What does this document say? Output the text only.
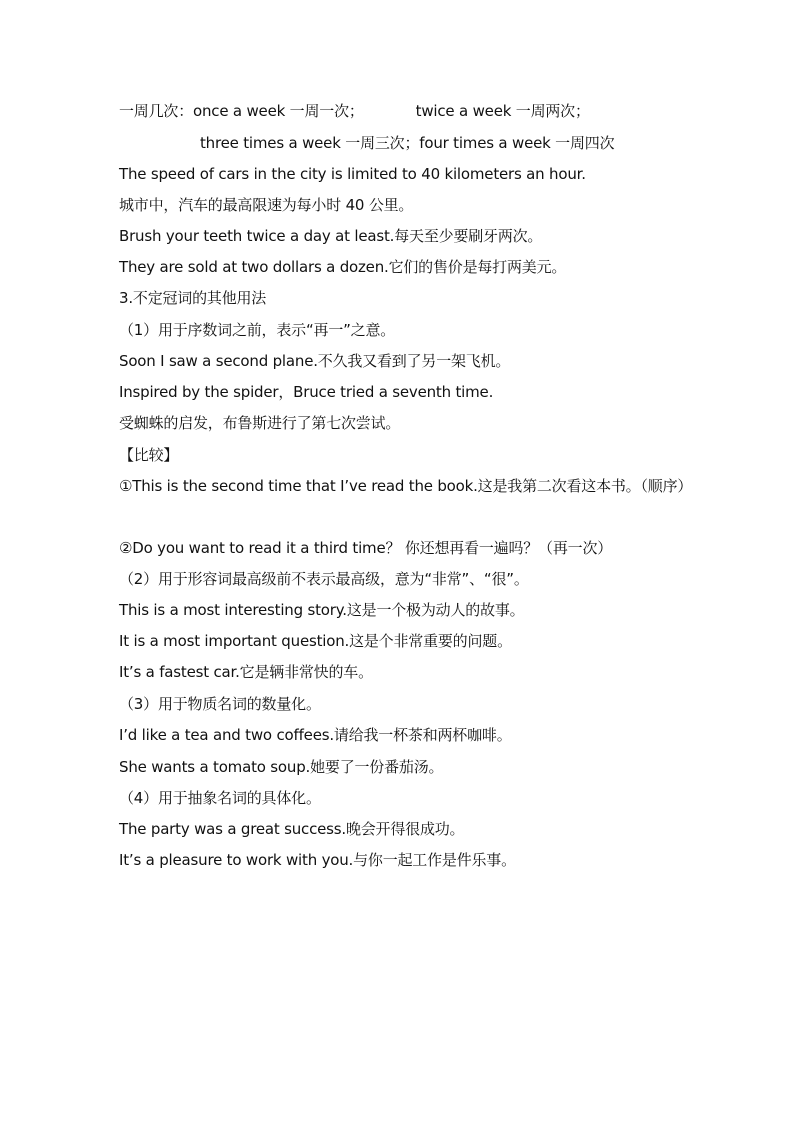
一周几次：once a week 一周一次；	twice a week 一周两次；
three times a week 一周三次；four times a week 一周四次
The speed of cars in the city is limited to 40 kilometers an hour.
城市中，汽车的最高限速为每小时 40 公里。
Brush your teeth twice a day at least.每天至少要刷牙两次。
They are sold at two dollars a dozen.它们的售价是每打两美元。
3.不定冠词的其他用法
（1）用于序数词之前，表示“再一”之意。
Soon I saw a second plane.不久我又看到了另一架飞机。
Inspired by the spider，Bruce tried a seventh time.
受蜘蛛的启发，布鲁斯进行了第七次尝试。
【比较】
①This is the second time that I’ve read the book.这是我第二次看这本书。（顺序）
②Do you want to read it a third time？ 你还想再看一遍吗？（再一次）
（2）用于形容词最高级前不表示最高级，意为“非常”、“很”。
This is a most interesting story.这是一个极为动人的故事。
It is a most important question.这是个非常重要的问题。
It’s a fastest car.它是辆非常快的车。
（3）用于物质名词的数量化。
I’d like a tea and two coffees.请给我一杯茶和两杯咖啡。
She wants a tomato soup.她要了一份番茄汤。
（4）用于抽象名词的具体化。
The party was a great success.晚会开得很成功。
It’s a pleasure to work with you.与你一起工作是件乐事。
